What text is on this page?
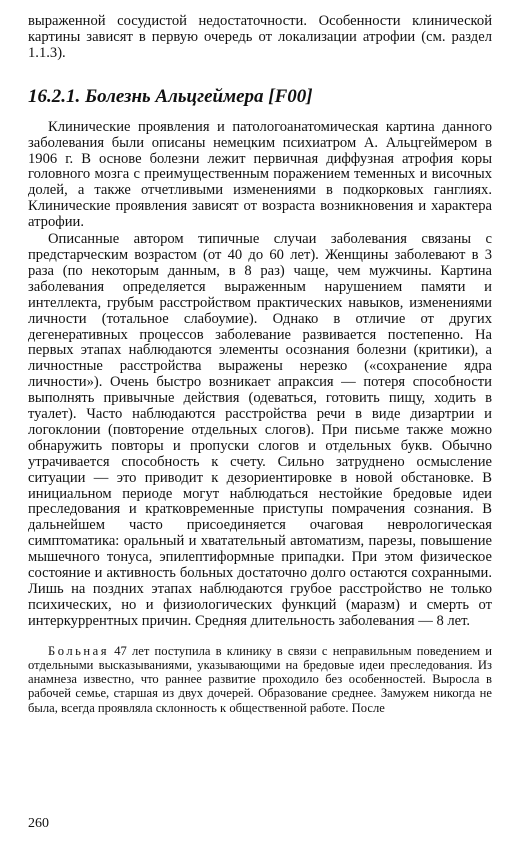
выраженной сосудистой недостаточности. Особенности клинической картины зависят в первую очередь от локализации атрофии (см. раздел 1.1.3).

16.2.1. Болезнь Альцгеймера [F00]

Клинические проявления и патологоанатомическая картина данного заболевания были описаны немецким психиатром А. Альцгеймером в 1906 г. В основе болезни лежит первичная диффузная атрофия коры головного мозга с преимущественным поражением теменных и височных долей, а также отчетливыми изменениями в подкорковых ганглиях. Клинические проявления зависят от возраста возникновения и характера атрофии.

Описанные автором типичные случаи заболевания связаны с предстарческим возрастом (от 40 до 60 лет). Женщины заболевают в 3 раза (по некоторым данным, в 8 раз) чаще, чем мужчины. Картина заболевания определяется выраженным нарушением памяти и интеллекта, грубым расстройством практических навыков, изменениями личности (тотальное слабоумие). Однако в отличие от других дегенеративных процессов заболевание развивается постепенно. На первых этапах наблюдаются элементы осознания болезни (критики), а личностные расстройства выражены нерезко («сохранение ядра личности»). Очень быстро возникает апраксия — потеря способности выполнять привычные действия (одеваться, готовить пищу, ходить в туалет). Часто наблюдаются расстройства речи в виде дизартрии и логоклонии (повторение отдельных слогов). При письме также можно обнаружить повторы и пропуски слогов и отдельных букв. Обычно утрачивается способность к счету. Сильно затруднено осмысление ситуации — это приводит к дезориентировке в новой обстановке. В инициальном периоде могут наблюдаться нестойкие бредовые идеи преследования и кратковременные приступы помрачения сознания. В дальнейшем часто присоединяется очаговая неврологическая симптоматика: оральный и хватательный автоматизм, парезы, повышение мышечного тонуса, эпилептиформные припадки. При этом физическое состояние и активность больных достаточно долго остаются сохранными. Лишь на поздних этапах наблюдаются грубое расстройство не только психических, но и физиологических функций (маразм) и смерть от интеркуррентных причин. Средняя длительность заболевания — 8 лет.

Больная 47 лет поступила в клинику в связи с неправильным поведением и отдельными высказываниями, указывающими на бредовые идеи преследования. Из анамнеза известно, что раннее развитие проходило без особенностей. Выросла в рабочей семье, старшая из двух дочерей. Образование среднее. Замужем никогда не была, всегда проявляла склонность к общественной работе. После

260
